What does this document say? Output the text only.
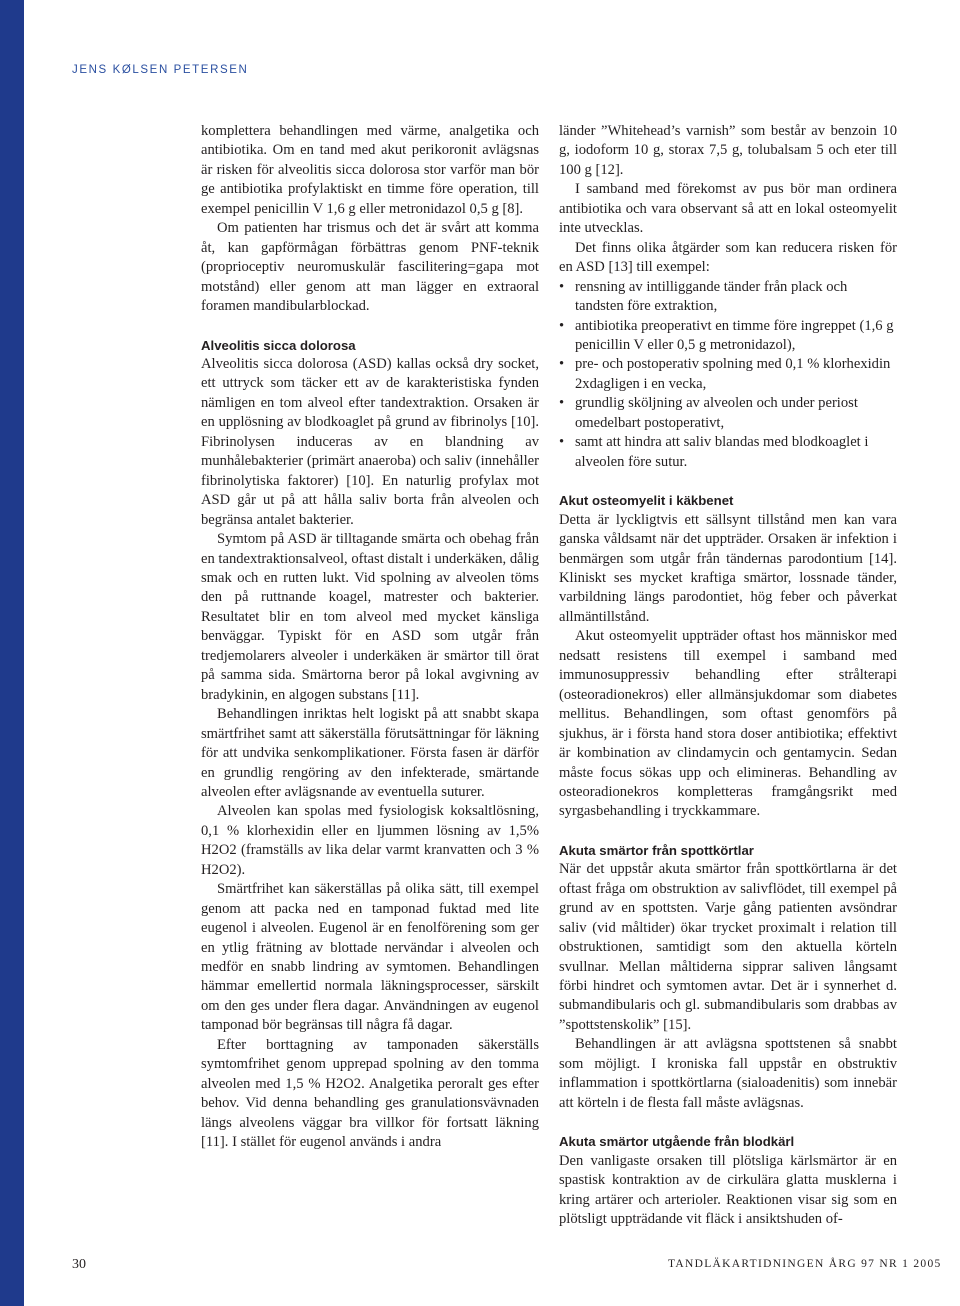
JENS KØLSEN PETERSEN

komplettera behandlingen med värme, analgetika och antibiotika. Om en tand med akut perikoronit avlägsnas är risken för alveolitis sicca dolorosa stor varför man bör ge antibiotika profylaktiskt en timme före operation, till exempel penicillin V 1,6 g eller metronidazol 0,5 g [8].

Om patienten har trismus och det är svårt att komma åt, kan gapförmågan förbättras genom PNF-teknik (proprioceptiv neuromuskulär fascilitering=gapa mot motstånd) eller genom att man lägger en extraoral foramen mandibularblockad.

Alveolitis sicca dolorosa

Alveolitis sicca dolorosa (ASD) kallas också dry socket, ett uttryck som täcker ett av de karakteristiska fynden nämligen en tom alveol efter tandextraktion. Orsaken är en upplösning av blodkoaglet på grund av fibrinolys [10]. Fibrinolysen induceras av en blandning av munhålebakterier (primärt anaeroba) och saliv (innehåller fibrinolytiska faktorer) [10]. En naturlig profylax mot ASD går ut på att hålla saliv borta från alveolen och begränsa antalet bakterier.

Symtom på ASD är tilltagande smärta och obehag från en tandextraktionsalveol, oftast distalt i underkäken, dålig smak och en rutten lukt. Vid spolning av alveolen töms den på ruttnande koagel, matrester och bakterier. Resultatet blir en tom alveol med mycket känsliga benväggar. Typiskt för en ASD som utgår från tredjemolarers alveoler i underkäken är smärtor till örat på samma sida. Smärtorna beror på lokal avgivning av bradykinin, en algogen substans [11].

Behandlingen inriktas helt logiskt på att snabbt skapa smärtfrihet samt att säkerställa förutsättningar för läkning för att undvika senkomplikationer. Första fasen är därför en grundlig rengöring av den infekterade, smärtande alveolen efter avlägsnande av eventuella suturer.

Alveolen kan spolas med fysiologisk koksaltlösning, 0,1 % klorhexidin eller en ljummen lösning av 1,5% H2O2 (framställs av lika delar varmt kranvatten och 3 % H2O2).

Smärtfrihet kan säkerställas på olika sätt, till exempel genom att packa ned en tamponad fuktad med lite eugenol i alveolen. Eugenol är en fenolförening som ger en ytlig frätning av blottade nervändar i alveolen och medför en snabb lindring av symtomen. Behandlingen hämmar emellertid normala läkningsprocesser, särskilt om den ges under flera dagar. Användningen av eugenol tamponad bör begränsas till några få dagar.

Efter borttagning av tamponaden säkerställs symtomfrihet genom upprepad spolning av den tomma alveolen med 1,5 % H2O2. Analgetika peroralt ges efter behov. Vid denna behandling ges granulationsvävnaden längs alveolens väggar bra villkor för fortsatt läkning [11]. I stället för eugenol används i andra

länder ”Whitehead’s varnish” som består av benzoin 10 g, iodoform 10 g, storax 7,5 g, tolubalsam 5 och eter till 100 g [12].

I samband med förekomst av pus bör man ordinera antibiotika och vara observant så att en lokal osteomyelit inte utvecklas.

Det finns olika åtgärder som kan reducera risken för en ASD [13] till exempel:

• rensning av intilliggande tänder från plack och tandsten före extraktion,
• antibiotika preoperativt en timme före ingreppet (1,6 g penicillin V eller 0,5 g metronidazol),
• pre- och postoperativ spolning med 0,1 % klorhexidin 2xdagligen i en vecka,
• grundlig sköljning av alveolen och under periost omedelbart postoperativt,
• samt att hindra att saliv blandas med blodkoaglet i alveolen före sutur.
Akut osteomyelit i käkbenet

Detta är lyckligtvis ett sällsynt tillstånd men kan vara ganska våldsamt när det uppträder. Orsaken är infektion i benmärgen som utgår från tändernas parodontium [14]. Kliniskt ses mycket kraftiga smärtor, lossnade tänder, varbildning längs parodontiet, hög feber och påverkat allmäntillstånd.

Akut osteomyelit uppträder oftast hos människor med nedsatt resistens till exempel i samband med immunosuppressiv behandling efter strålterapi (osteoradionekros) eller allmänsjukdomar som diabetes mellitus. Behandlingen, som oftast genomförs på sjukhus, är i första hand stora doser antibiotika; effektivt är kombination av clindamycin och gentamycin. Sedan måste focus sökas upp och elimineras. Behandling av osteoradionekros kompletteras framgångsrikt med syrgasbehandling i tryckkammare.

Akuta smärtor från spottkörtlar

När det uppstår akuta smärtor från spottkörtlarna är det oftast fråga om obstruktion av salivflödet, till exempel på grund av en spottsten. Varje gång patienten avsöndrar saliv (vid måltider) ökar trycket proximalt i relation till obstruktionen, samtidigt som den aktuella körteln svullnar. Mellan måltiderna sipprar saliven långsamt förbi hindret och symtomen avtar. Det är i synnerhet d. submandibularis och gl. submandibularis som drabbas av ”spottstenskolik” [15].

Behandlingen är att avlägsna spottstenen så snabbt som möjligt. I kroniska fall uppstår en obstruktiv inflammation i spottkörtlarna (sialoadenitis) som innebär att körteln i de flesta fall måste avlägsnas.

Akuta smärtor utgående från blodkärl

Den vanligaste orsaken till plötsliga kärlsmärtor är en spastisk kontraktion av de cirkulära glatta musklerna i kring artärer och arterioler. Reaktionen visar sig som en plötsligt uppträdande vit fläck i ansiktshuden of-

30	TANDLÄKARTIDNINGEN ÅRG 97 NR 1 2005
